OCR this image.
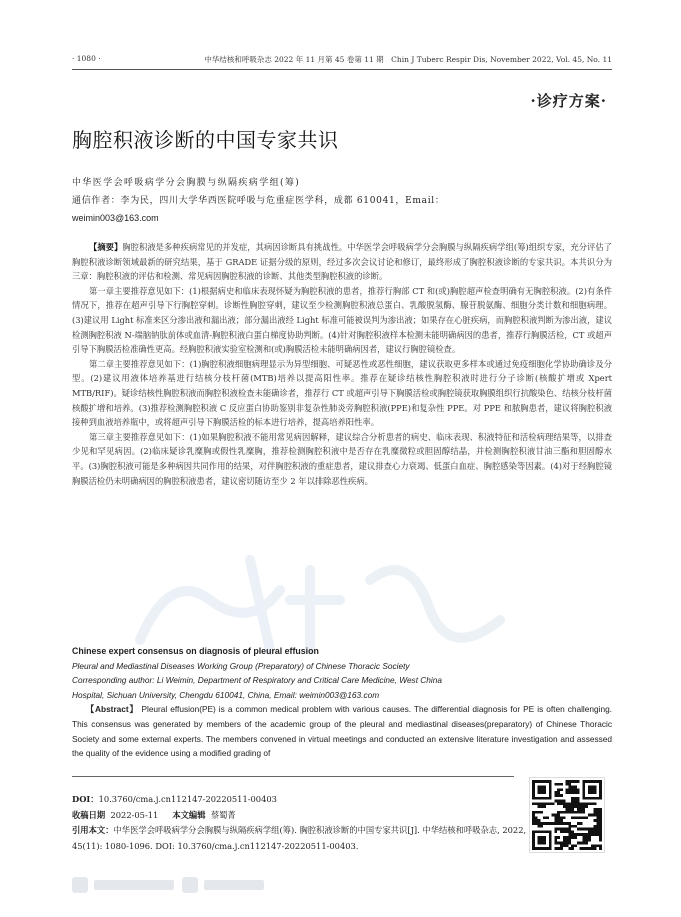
· 1080 ·	中华结核和呼吸杂志 2022 年 11 月第 45 卷第 11 期　Chin J Tuberc Respir Dis, November 2022, Vol. 45, No. 11
·诊疗方案·
胸腔积液诊断的中国专家共识
中华医学会呼吸病学分会胸膜与纵隔疾病学组(筹)
通信作者：李为民，四川大学华西医院呼吸与危重症医学科，成都 610041，Email：
weimin003@163.com

【摘要】胸腔积液是多种疾病常见的并发症，其病因诊断具有挑战性。中华医学会呼吸病学分会胸膜与纵隔疾病学组(筹)组织专家，充分评估了胸腔积液诊断领域最新的研究结果，基于 GRADE 证据分级的原则，经过多次会议讨论和修订，最终形成了胸腔积液诊断的专家共识。本共识分为三章：胸腔积液的评估和检测、常见病因胸腔积液的诊断、其他类型胸腔积液的诊断。

第一章主要推荐意见如下：(1)根据病史和临床表现怀疑为胸腔积液的患者，推荐行胸部 CT 和(或)胸腔超声检查明确有无胸腔积液。(2)有条件情况下，推荐在超声引导下行胸腔穿刺。诊断性胸腔穿刺，建议至少检测胸腔积液总蛋白、乳酸脱氢酶、腺苷脱氨酶、细胞分类计数和细胞病理。(3)建议用 Light 标准来区分渗出液和漏出液；部分漏出液经 Light 标准可能被误判为渗出液；如果存在心脏疾病，而胸腔积液判断为渗出液，建议检测胸腔积液 N-端脑钠肽前体或血清-胸腔积液白蛋白梯度协助判断。(4)针对胸腔积液样本检测未能明确病因的患者，推荐行胸膜活检，CT 或超声引导下胸膜活检准确性更高。经胸腔积液实验室检测和(或)胸膜活检未能明确病因者，建议行胸腔镜检查。

第二章主要推荐意见如下：(1)胸腔积液细胞病理显示为异型细胞、可疑恶性或恶性细胞，建议获取更多样本或通过免疫细胞化学协助确诊及分型。(2)建议用液体培养基进行结核分枝杆菌(MTB)培养以提高阳性率。推荐在疑诊结核性胸腔积液时进行分子诊断(核酸扩增或 Xpert MTB/RIF)。疑诊结核性胸腔积液而胸腔积液检查未能确诊者，推荐行 CT 或超声引导下胸膜活检或胸腔镜获取胸膜组织行抗酸染色、结核分枝杆菌核酸扩增和培养。(3)推荐检测胸腔积液 C 反应蛋白协助鉴别非复杂性肺炎旁胸腔积液(PPE)和复杂性 PPE。对 PPE 和脓胸患者，建议将胸腔积液接种到血液培养瓶中，或将超声引导下胸膜活检的标本进行培养，提高培养阳性率。

第三章主要推荐意见如下：(1)如果胸腔积液不能用常见病因解释，建议综合分析患者的病史、临床表现、积液特征和活检病理结果等，以排查少见和罕见病因。(2)临床疑诊乳糜胸或假性乳糜胸，推荐检测胸腔积液中是否存在乳糜微粒或胆固醇结晶，并检测胸腔积液甘油三酯和胆固醇水平。(3)胸腔积液可能是多种病因共同作用的结果，对伴胸腔积液的重症患者，建议排查心力衰竭、低蛋白血症、胸腔感染等因素。(4)对于经胸腔镜胸膜活检仍未明确病因的胸腔积液患者，建议密切随访至少 2 年以排除恶性疾病。

Chinese expert consensus on diagnosis of pleural effusion
Pleural and Mediastinal Diseases Working Group (Preparatory) of Chinese Thoracic Society
Corresponding author: Li Weimin, Department of Respiratory and Critical Care Medicine, West China
Hospital, Sichuan University, Chengdu 610041, China, Email: weimin003@163.com
【Abstract】 Pleural effusion(PE) is a common medical problem with various causes. The differential diagnosis for PE is often challenging. This consensus was generated by members of the academic group of the pleural and mediastinal diseases(preparatory) of Chinese Thoracic Society and some external experts. The members convened in virtual meetings and conducted an extensive literature investigation and assessed the quality of the evidence using a modified grading of
DOI：10.3760/cma.j.cn112147-20220511-00403
收稿日期 2022-05-11 本文编辑 蔡蜀菁
引用本文：中华医学会呼吸病学分会胸膜与纵隔疾病学组(筹). 胸腔积液诊断的中国专家共识[J]. 中华结核和呼吸杂志, 2022, 45(11): 1080-1096. DOI: 10.3760/cma.j.cn112147-20220511-00403.
